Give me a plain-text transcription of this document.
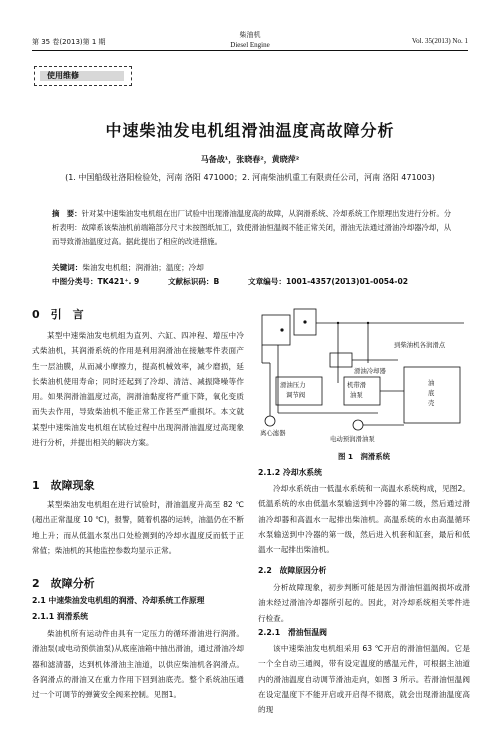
第 35 卷(2013)第 1 期
柴油机
Diesel Engine	Vol. 35(2013) No. 1
使用维修
中速柴油发电机组滑油温度高故障分析
马备战¹，张晓春²，黄晓萍²
(1. 中国船级社洛阳检验处，河南 洛阳 471000；2. 河南柴油机重工有限责任公司，河南 洛阳 471003)
摘　要：针对某中速柴油发电机组在出厂试验中出现滑油温度高的故障，从润滑系统、冷却系统工作原理出发进行分析。分析表明：故障系该柴油机前端箱部分尺寸未按图纸加工，致使滑油恒温阀不能正常关闭，滑油无法通过滑油冷却器冷却，从而导致滑油温度过高。据此提出了相应的改进措施。
关键词：柴油发电机组；润滑油；温度；冷却
中图分类号：TK421⁺. 9	文献标识码：B	文章编号：1001-4357(2013)01-0054-02
0　引　言
某型中速柴油发电机组为直列、六缸、四冲程、增压中冷式柴油机，其润滑系统的作用是利用润滑油在接触零件表面产生一层油膜，从而减小摩擦力，提高机械效率，减少磨损，延长柴油机使用寿命；同时还起到了冷却、清洁、减振降噪等作用。如果润滑油温度过高，润滑油黏度将严重下降，氧化变质而失去作用，导致柴油机不能正常工作甚至严重损坏。本文就某型中速柴油发电机组在试验过程中出现润滑油温度过高现象进行分析，并提出相关的解决方案。
1　故障现象
某型柴油发电机组在进行试验时，滑油温度升高至 82 ℃(超出正常温度 10 ℃)，报警，随着机器的运转，油温仍在不断地上升；而从低温水泵出口处检测到的冷却水温度反而低于正常值；柴油机的其他监控参数均显示正常。
2　故障分析
2.1 中速柴油发电机组的润滑、冷却系统工作原理
2.1.1 润滑系统
柴油机所有运动件由具有一定压力的循环滑油进行润滑。滑油泵(或电动预供油泵)从底座油箱中抽出滑油，通过滑油冷却器和滤清器，达到机体滑油主油道，以供应柴油机各润滑点。各润滑点的滑油又在重力作用下回到油底壳。整个系统油压通过一个可调节的弹簧安全阀来控制。见图1。
到柴油机各润滑点
滑油冷却器
滑油压力
调节阀
机带滑
油泵
油
底
壳
离心滤器
电动预润滑油泵
图 1　润滑系统
2.1.2 冷却水系统
冷却水系统由一低温水系统和一高温水系统构成，见图2。低温系统的水由低温水泵输送到中冷器的第二级，然后通过滑油冷却器和高温水一起排出柴油机。高温系统的水由高温循环水泵输送到中冷器的第一级，然后进入机套和缸套，最后和低温水一起排出柴油机。
2.2　故障原因分析
分析故障现象，初步判断可能是因为滑油恒温阀损坏或滑油未经过滑油冷却器所引起的。因此，对冷却系统相关零件进行检查。
2.2.1　滑油恒温阀
该中速柴油发电机组采用 63 ℃开启的滑油恒温阀。它是一个全自动三通阀，带有设定温度的感温元件，可根据主油道内的滑油温度自动调节滑油走向，如图 3 所示。若滑油恒温阀在设定温度下不能开启或开启得不彻底，就会出现滑油温度高的现
